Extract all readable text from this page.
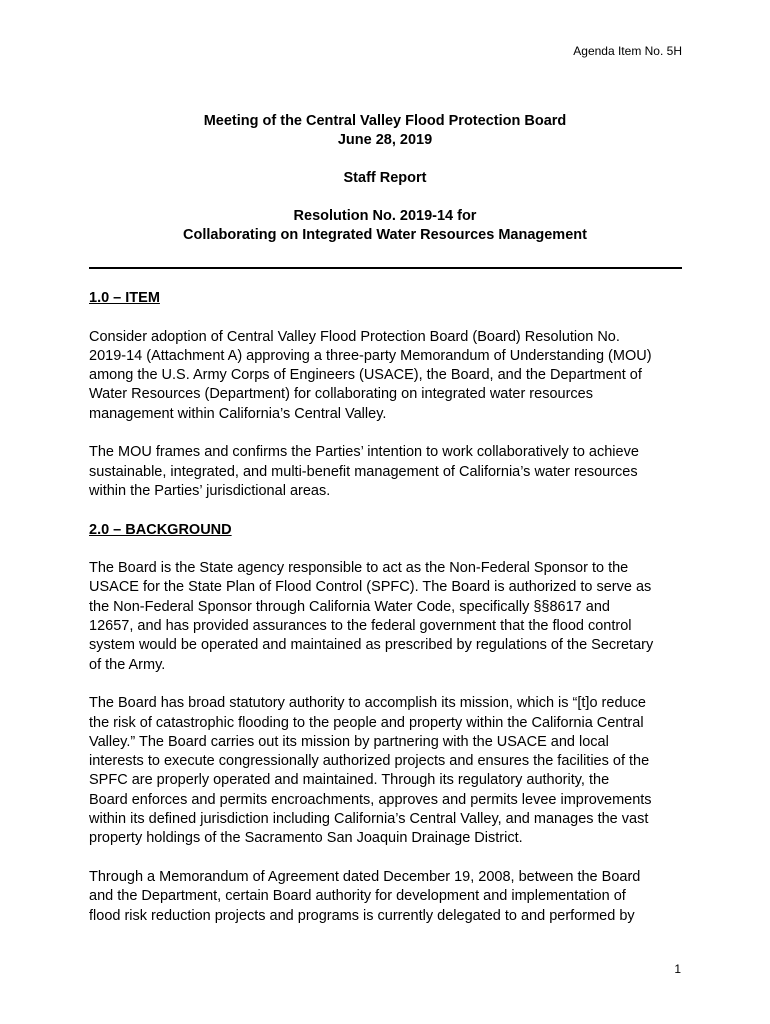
Agenda Item No. 5H
Meeting of the Central Valley Flood Protection Board
June 28, 2019
Staff Report
Resolution No. 2019-14 for
Collaborating on Integrated Water Resources Management
1.0 – ITEM
Consider adoption of Central Valley Flood Protection Board (Board) Resolution No.
2019-14 (Attachment A) approving a three-party Memorandum of Understanding (MOU)
among the U.S. Army Corps of Engineers (USACE), the Board, and the Department of
Water Resources (Department) for collaborating on integrated water resources
management within California’s Central Valley.
The MOU frames and confirms the Parties’ intention to work collaboratively to achieve
sustainable, integrated, and multi-benefit management of California’s water resources
within the Parties’ jurisdictional areas.
2.0 – BACKGROUND
The Board is the State agency responsible to act as the Non-Federal Sponsor to the
USACE for the State Plan of Flood Control (SPFC). The Board is authorized to serve as
the Non-Federal Sponsor through California Water Code, specifically §§8617 and
12657, and has provided assurances to the federal government that the flood control
system would be operated and maintained as prescribed by regulations of the Secretary
of the Army.
The Board has broad statutory authority to accomplish its mission, which is “[t]o reduce
the risk of catastrophic flooding to the people and property within the California Central
Valley.” The Board carries out its mission by partnering with the USACE and local
interests to execute congressionally authorized projects and ensures the facilities of the
SPFC are properly operated and maintained. Through its regulatory authority, the
Board enforces and permits encroachments, approves and permits levee improvements
within its defined jurisdiction including California’s Central Valley, and manages the vast
property holdings of the Sacramento San Joaquin Drainage District.
Through a Memorandum of Agreement dated December 19, 2008, between the Board
and the Department, certain Board authority for development and implementation of
flood risk reduction projects and programs is currently delegated to and performed by
1
